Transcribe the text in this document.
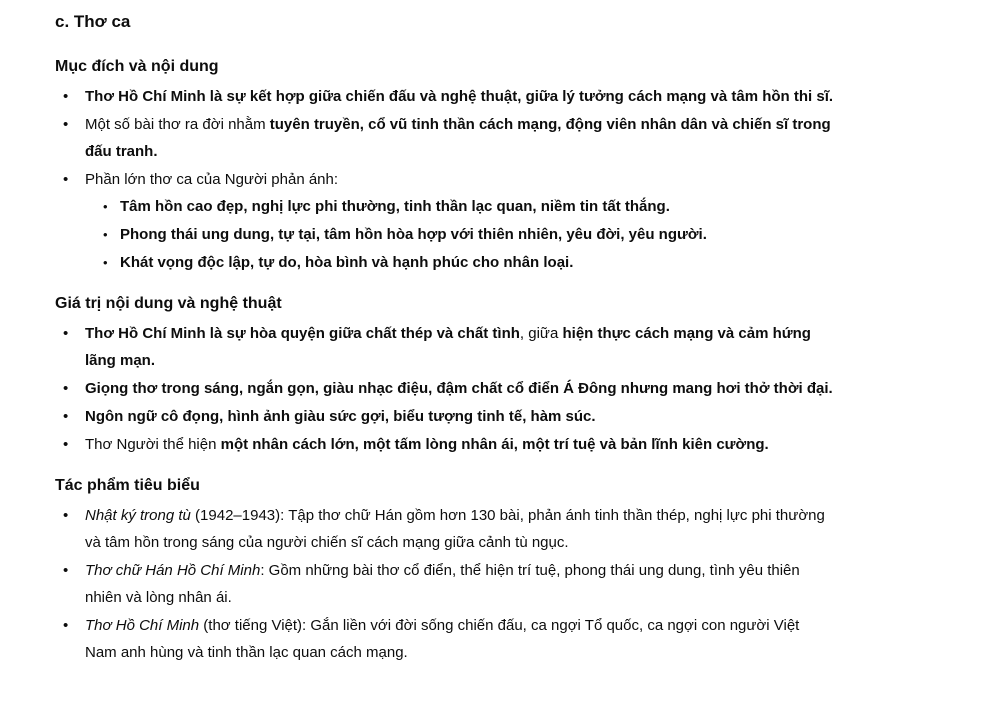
c. Thơ ca
Mục đích và nội dung
• Thơ Hồ Chí Minh là sự kết hợp giữa chiến đấu và nghệ thuật, giữa lý tưởng cách mạng và tâm hồn thi sĩ.
• Một số bài thơ ra đời nhằm tuyên truyền, cổ vũ tinh thần cách mạng, động viên nhân dân và chiến sĩ trong đấu tranh.
• Phần lớn thơ ca của Người phản ánh:
• Tâm hồn cao đẹp, nghị lực phi thường, tinh thần lạc quan, niềm tin tất thắng.
• Phong thái ung dung, tự tại, tâm hồn hòa hợp với thiên nhiên, yêu đời, yêu người.
• Khát vọng độc lập, tự do, hòa bình và hạnh phúc cho nhân loại.
Giá trị nội dung và nghệ thuật
• Thơ Hồ Chí Minh là sự hòa quyện giữa chất thép và chất tình, giữa hiện thực cách mạng và cảm hứng lãng mạn.
• Giọng thơ trong sáng, ngắn gọn, giàu nhạc điệu, đậm chất cổ điển Á Đông nhưng mang hơi thở thời đại.
• Ngôn ngữ cô đọng, hình ảnh giàu sức gợi, biểu tượng tinh tế, hàm súc.
• Thơ Người thể hiện một nhân cách lớn, một tấm lòng nhân ái, một trí tuệ và bản lĩnh kiên cường.
Tác phẩm tiêu biểu
• Nhật ký trong tù (1942–1943): Tập thơ chữ Hán gồm hơn 130 bài, phản ánh tinh thần thép, nghị lực phi thường và tâm hồn trong sáng của người chiến sĩ cách mạng giữa cảnh tù ngục.
• Thơ chữ Hán Hồ Chí Minh: Gồm những bài thơ cổ điển, thể hiện trí tuệ, phong thái ung dung, tình yêu thiên nhiên và lòng nhân ái.
• Thơ Hồ Chí Minh (thơ tiếng Việt): Gắn liền với đời sống chiến đấu, ca ngợi Tổ quốc, ca ngợi con người Việt Nam anh hùng và tinh thần lạc quan cách mạng.
